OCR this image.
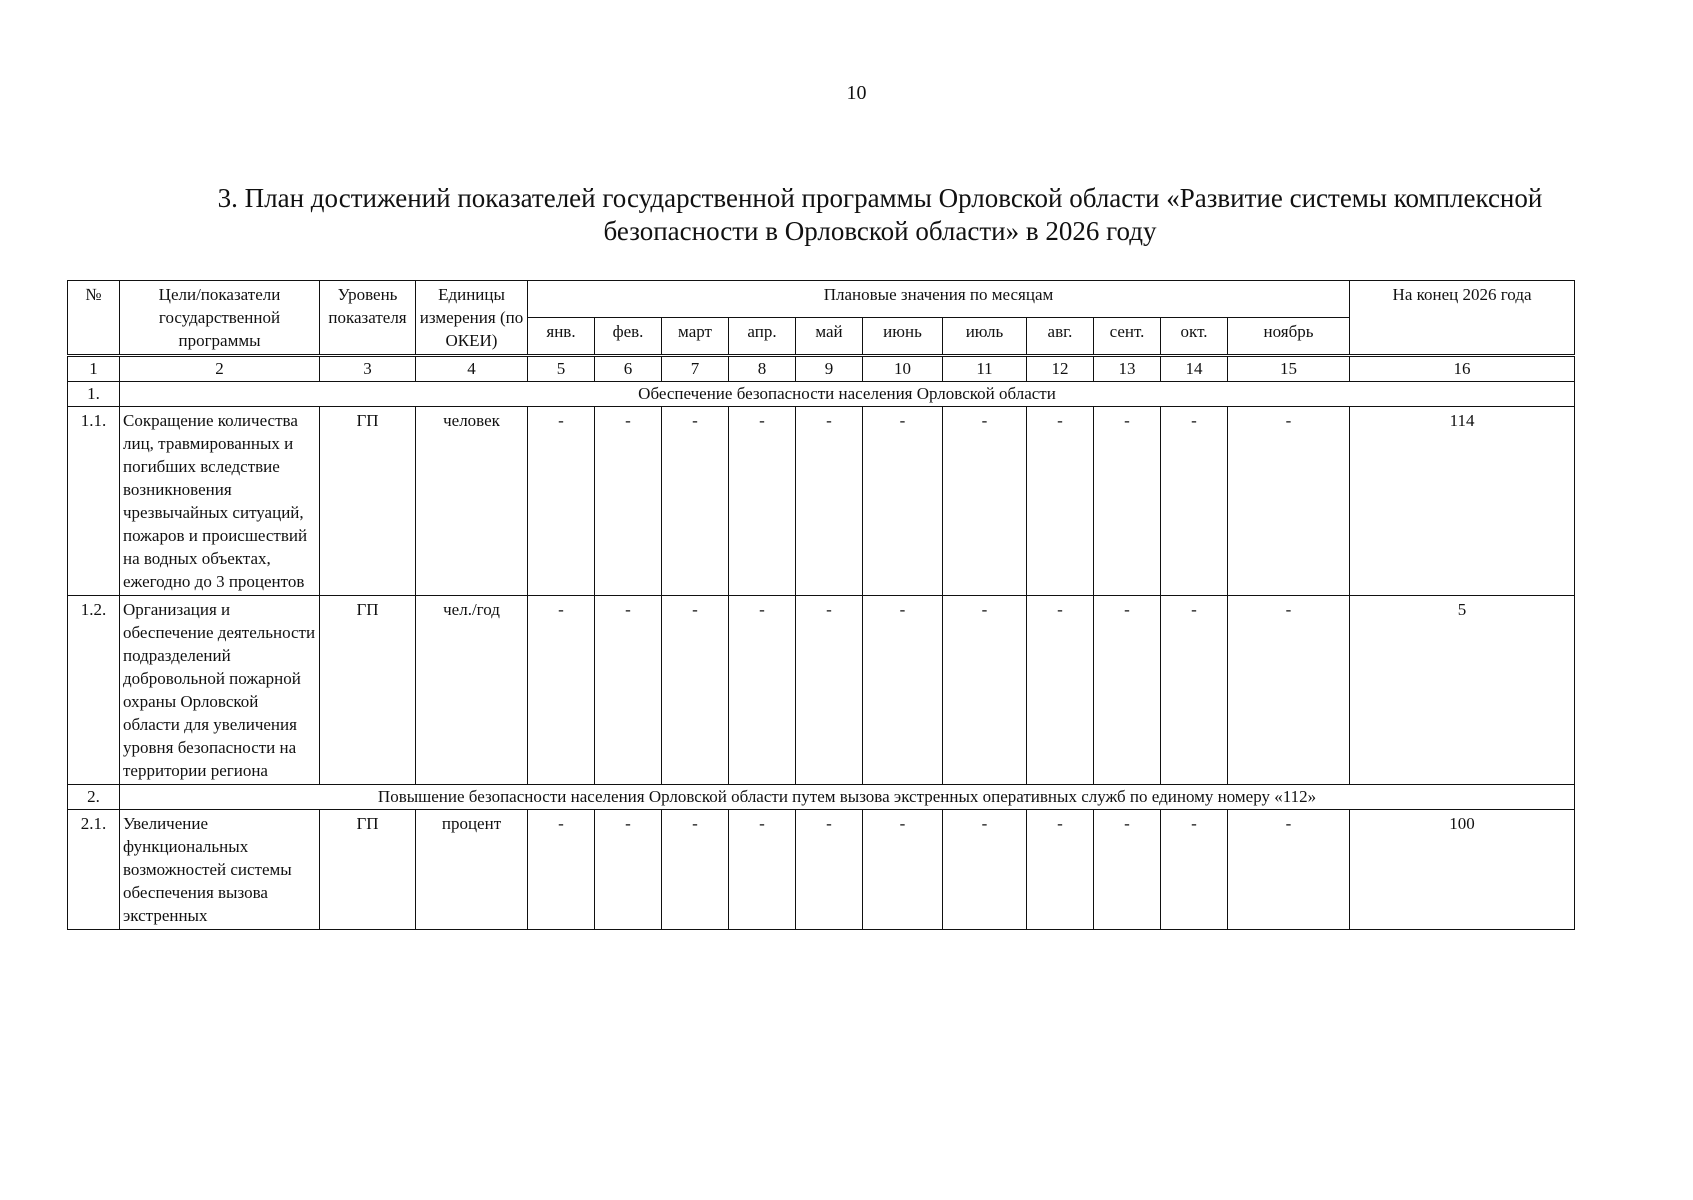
10
3. План достижений показателей государственной программы Орловской области «Развитие системы комплексной
безопасности в Орловской области» в 2026 году
№	Цели/показатели государственной программы	Уровень показателя	Единицы измерения (по ОКЕИ)	Плановые значения по месяцам											На конец 2026 года
				янв.	фев.	март	апр.	май	июнь	июль	авг.	сент.	окт.	ноябрь	
1	2	3	4	5	6	7	8	9	10	11	12	13	14	15	16
1.	Обеспечение безопасности населения Орловской области														
1.1.	Сокращение количества лиц, травмированных и погибших вследствие возникновения чрезвычайных ситуаций, пожаров и происшествий на водных объектах, ежегодно до 3 процентов	ГП	человек	-	-	-	-	-	-	-	-	-	-	-	114
1.2.	Организация и обеспечение деятельности подразделений добровольной пожарной охраны Орловской области для увеличения уровня безопасности на территории региона	ГП	чел./год	-	-	-	-	-	-	-	-	-	-	-	5
2.	Повышение безопасности населения Орловской области путем вызова экстренных оперативных служб по единому номеру «112»														
2.1.	Увеличение функциональных возможностей системы обеспечения вызова экстренных	ГП	процент	-	-	-	-	-	-	-	-	-	-	-	100
